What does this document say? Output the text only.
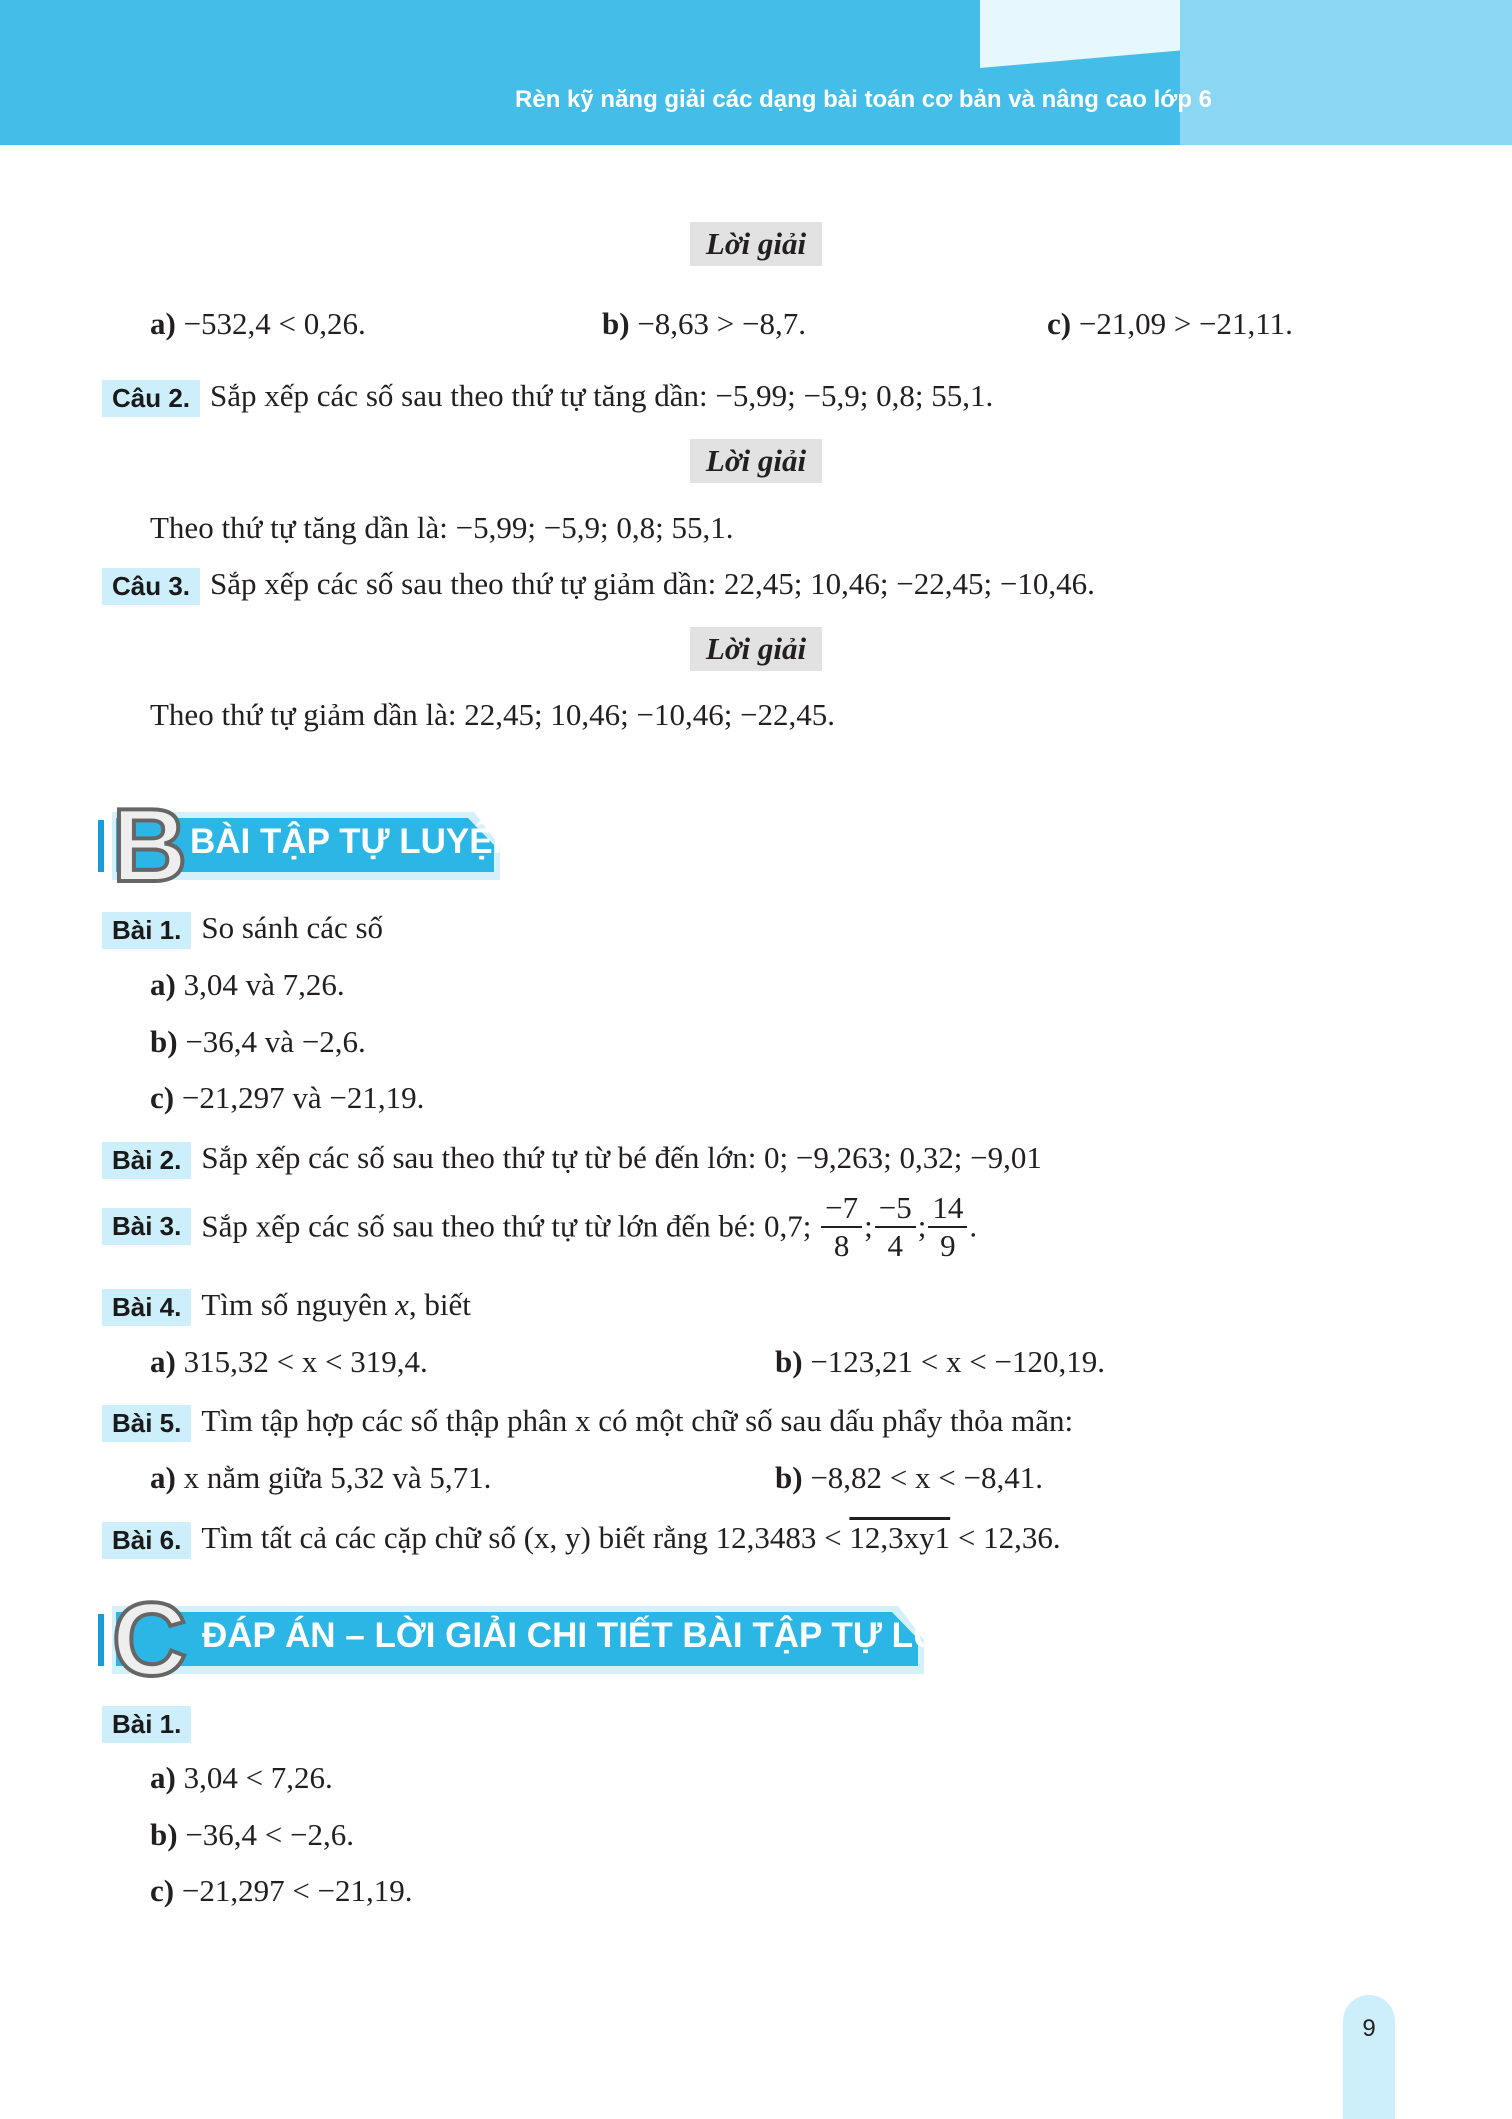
Rèn kỹ năng giải các dạng bài toán cơ bản và nâng cao lớp 6
Lời giải
a) −532,4 < 0,26.	b) −8,63 > −8,7.	c) −21,09 > −21,11.
Câu 2. Sắp xếp các số sau theo thứ tự tăng dần: −5,99; −5,9; 0,8; 55,1.
Lời giải
Theo thứ tự tăng dần là: −5,99; −5,9; 0,8; 55,1.
Câu 3. Sắp xếp các số sau theo thứ tự giảm dần: 22,45; 10,46; −22,45; −10,46.
Lời giải
Theo thứ tự giảm dần là: 22,45; 10,46; −10,46; −22,45.
B BÀI TẬP TỰ LUYỆN
Bài 1. So sánh các số
a) 3,04 và 7,26.
b) −36,4 và −2,6.
c) −21,297 và −21,19.
Bài 2. Sắp xếp các số sau theo thứ tự từ bé đến lớn: 0; −9,263; 0,32; −9,01
Bài 3. Sắp xếp các số sau theo thứ tự từ lớn đến bé: 0,7; $\frac{-7}{8}$ ; $\frac{-5}{4}$ ; $\frac{14}{9}$ .
Bài 4. Tìm số nguyên x, biết
a) 315,32 < x < 319,4.	b) −123,21 < x < −120,19.
Bài 5. Tìm tập hợp các số thập phân x có một chữ số sau dấu phẩy thỏa mãn:
a) x nằm giữa 5,32 và 5,71.	b) −8,82 < x < −8,41.
Bài 6. Tìm tất cả các cặp chữ số (x, y) biết rằng 12,3483 < 12,3xy1 < 12,36.
C ĐÁP ÁN – LỜI GIẢI CHI TIẾT BÀI TẬP TỰ LUYỆN
Bài 1.
a) 3,04 < 7,26.
b) −36,4 < −2,6.
c) −21,297 < −21,19.
9
